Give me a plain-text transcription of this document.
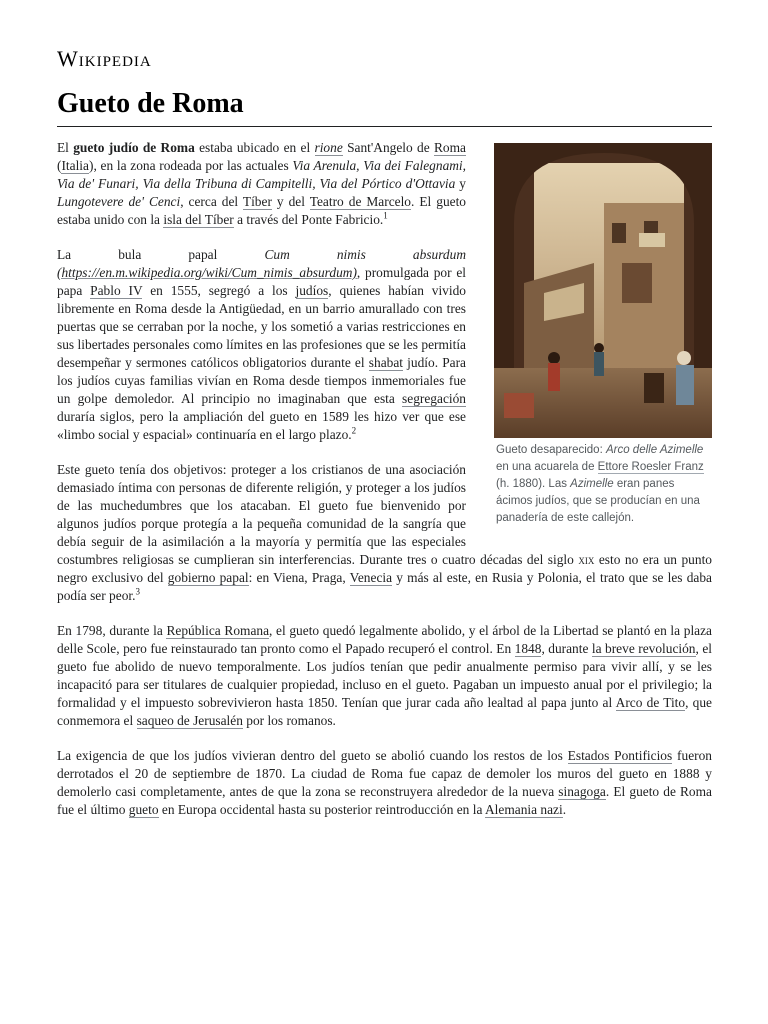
Wikipedia
Gueto de Roma
Gueto desaparecido: Arco delle Azimelle en una acuarela de Ettore Roesler Franz (h. 1880). Las Azimelle eran panes ácimos judíos, que se producían en una panadería de este callejón.

El gueto judío de Roma estaba ubicado en el rione Sant'Angelo de Roma (Italia), en la zona rodeada por las actuales Via Arenula, Via dei Falegnami, Via de' Funari, Via della Tribuna di Campitelli, Via del Pórtico d'Ottavia y Lungotevere de' Cenci, cerca del Tíber y del Teatro de Marcelo. El gueto estaba unido con la isla del Tíber a través del Ponte Fabricio.$^1$

La bula papal Cum nimis absurdum (https://en.m.wikipedia.org/wiki/Cum_nimis_absurdum), promulgada por el papa Pablo IV en 1555, segregó a los judíos, quienes habían vivido libremente en Roma desde la Antigüedad, en un barrio amurallado con tres puertas que se cerraban por la noche, y los sometió a varias restricciones en sus libertades personales como límites en las profesiones que se les permitía desempeñar y sermones católicos obligatorios durante el shabat judío. Para los judíos cuyas familias vivían en Roma desde tiempos inmemoriales fue un golpe demoledor. Al principio no imaginaban que esta segregación duraría siglos, pero la ampliación del gueto en 1589 les hizo ver que ese «limbo social y espacial» continuaría en el largo plazo.$^2$

Este gueto tenía dos objetivos: proteger a los cristianos de una asociación demasiado íntima con personas de diferente religión, y proteger a los judíos de las muchedumbres que los atacaban. El gueto fue bienvenido por algunos judíos porque protegía a la pequeña comunidad de la sangría que debía seguir de la asimilación a la mayoría y permitía que las especiales costumbres religiosas se cumplieran sin interferencias. Durante tres o cuatro décadas del siglo xix esto no era un punto negro exclusivo del gobierno papal: en Viena, Praga, Venecia y más al este, en Rusia y Polonia, el trato que se les daba podía ser peor.$^3$

En 1798, durante la República Romana, el gueto quedó legalmente abolido, y el árbol de la Libertad se plantó en la plaza delle Scole, pero fue reinstaurado tan pronto como el Papado recuperó el control. En 1848, durante la breve revolución, el gueto fue abolido de nuevo temporalmente. Los judíos tenían que pedir anualmente permiso para vivir allí, y se les incapacitó para ser titulares de cualquier propiedad, incluso en el gueto. Pagaban un impuesto anual por el privilegio; la formalidad y el impuesto sobrevivieron hasta 1850. Tenían que jurar cada año lealtad al papa junto al Arco de Tito, que conmemora el saqueo de Jerusalén por los romanos.

La exigencia de que los judíos vivieran dentro del gueto se abolió cuando los restos de los Estados Pontificios fueron derrotados el 20 de septiembre de 1870. La ciudad de Roma fue capaz de demoler los muros del gueto en 1888 y demolerlo casi completamente, antes de que la zona se reconstruyera alrededor de la nueva sinagoga. El gueto de Roma fue el último gueto en Europa occidental hasta su posterior reintroducción en la Alemania nazi.
